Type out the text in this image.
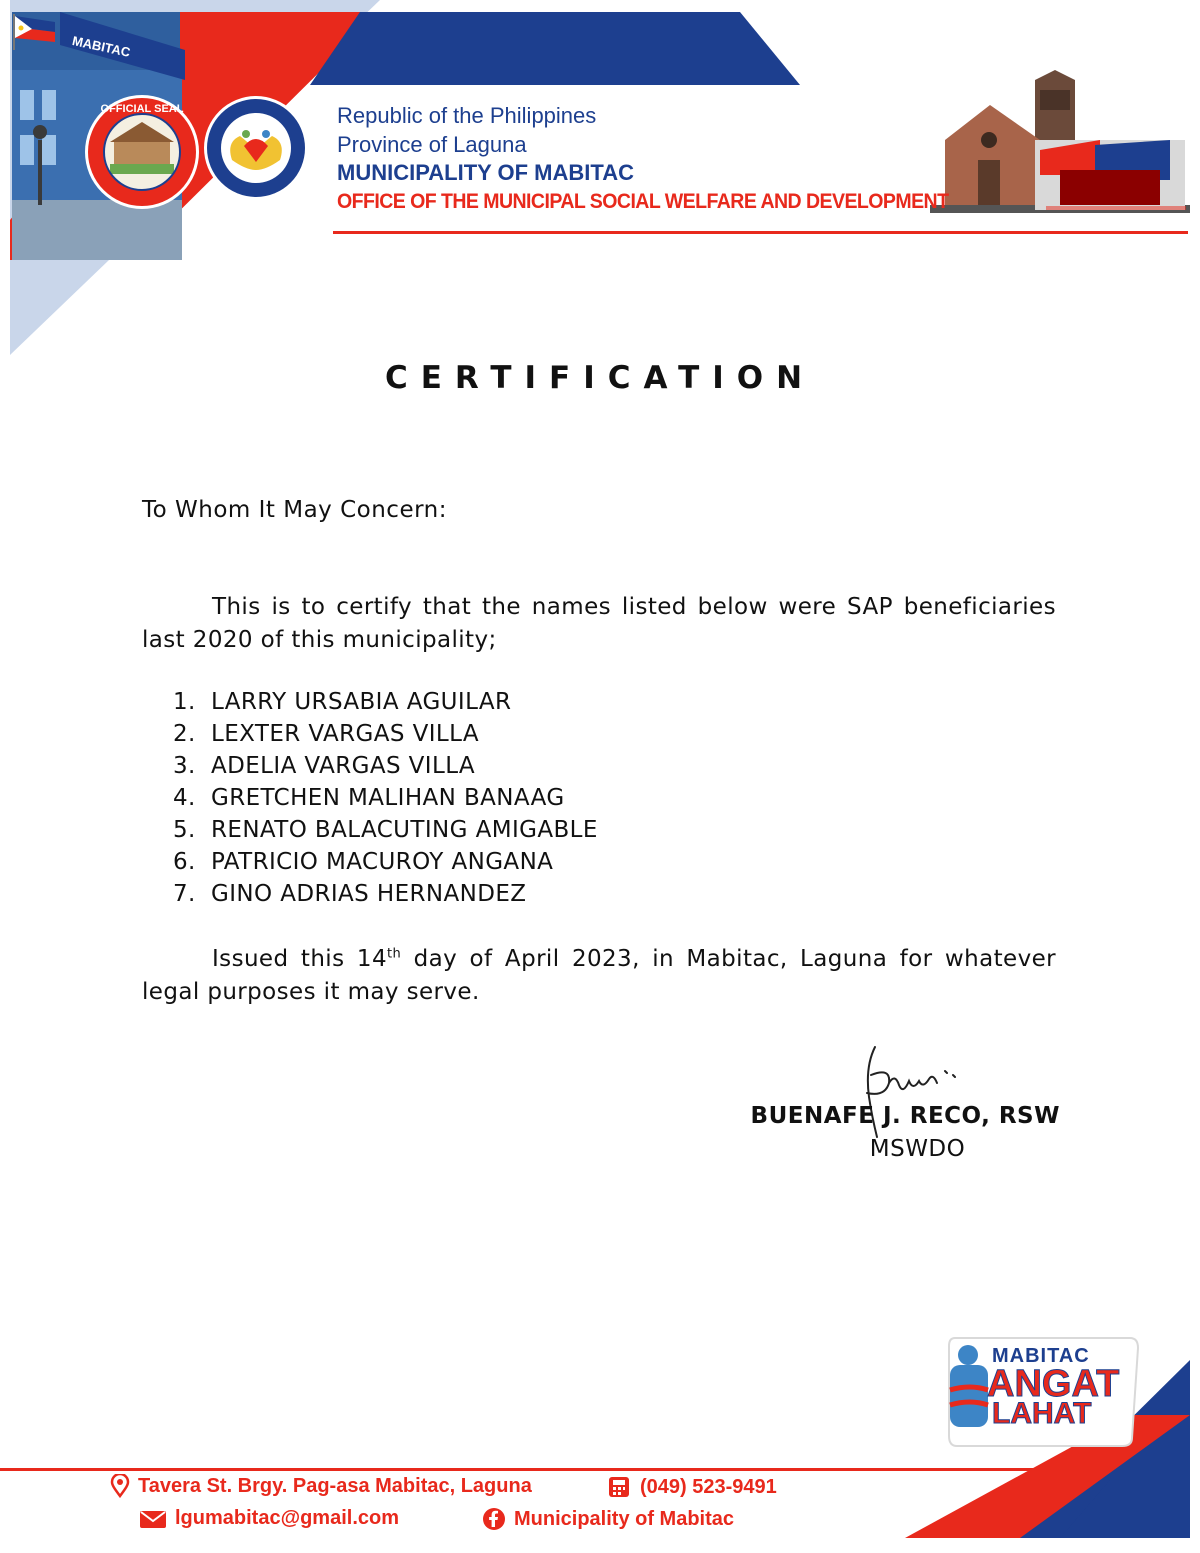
OFFICIAL SEAL
MABITAC
Republic of the Philippines
Province of Laguna
MUNICIPALITY OF MABITAC
OFFICE OF THE MUNICIPAL SOCIAL WELFARE AND DEVELOPMENT
CERTIFICATION
To Whom It May Concern:
This is to certify that the names listed below were SAP beneficiaries last 2020 of this municipality;
1. LARRY URSABIA AGUILAR
2. LEXTER VARGAS VILLA
3. ADELIA VARGAS VILLA
4. GRETCHEN MALIHAN BANAAG
5. RENATO BALACUTING AMIGABLE
6. PATRICIO MACUROY ANGANA
7. GINO ADRIAS HERNANDEZ
Issued this 14th day of April 2023, in Mabitac, Laguna for whatever legal purposes it may serve.
BUENAFE J. RECO, RSW
MSWDO
MABITAC
ANGAT
LAHAT
Tavera St. Brgy. Pag-asa Mabitac, Laguna	(049) 523-9491
lgumabitac@gmail.com	Municipality of Mabitac
